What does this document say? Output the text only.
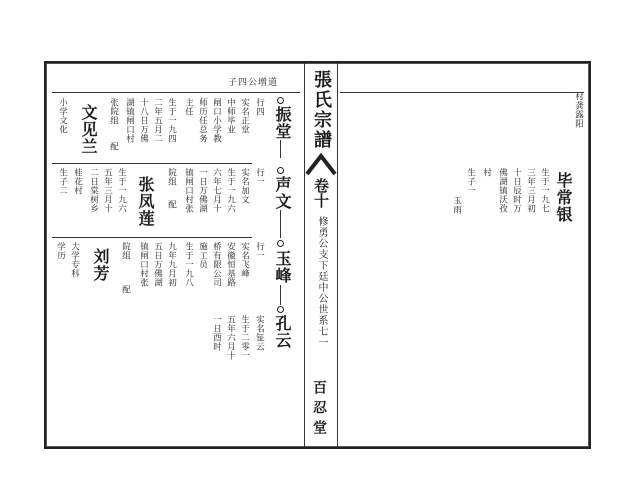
子四公增道 張氏宗譜
卷十
修勇公支下廷中公世系七一
百忍堂
振堂
行四
实名正堂
中师毕业
闸口小学教
师历任总务
主任
生于一九四
二年五月二
十八日万佛
湖镇闸口村
张院组
配
文见兰
小学文化
声文
行一
实名加文
生于一九六
六年七月十
一日万佛湖
镇闸口村张
院组
配
张凤莲
生于一九六
五年三月十
二日棠树乡
桂花村
生子二
玉峰
行一
实名飞峰
安徽恒基路
桥有限公司
施工员
生于一九八
九年九月初
五日万佛湖
镇闸口村张
院组
配
刘芳
大学专科
学历
孔云
实名钲云
生于二零一
五年六月十
一日酉时
村龚露阳
毕常银
生于一九七
三年三月初
十日辰时万
佛湖镇沃孜
村
生子一
玉雨
